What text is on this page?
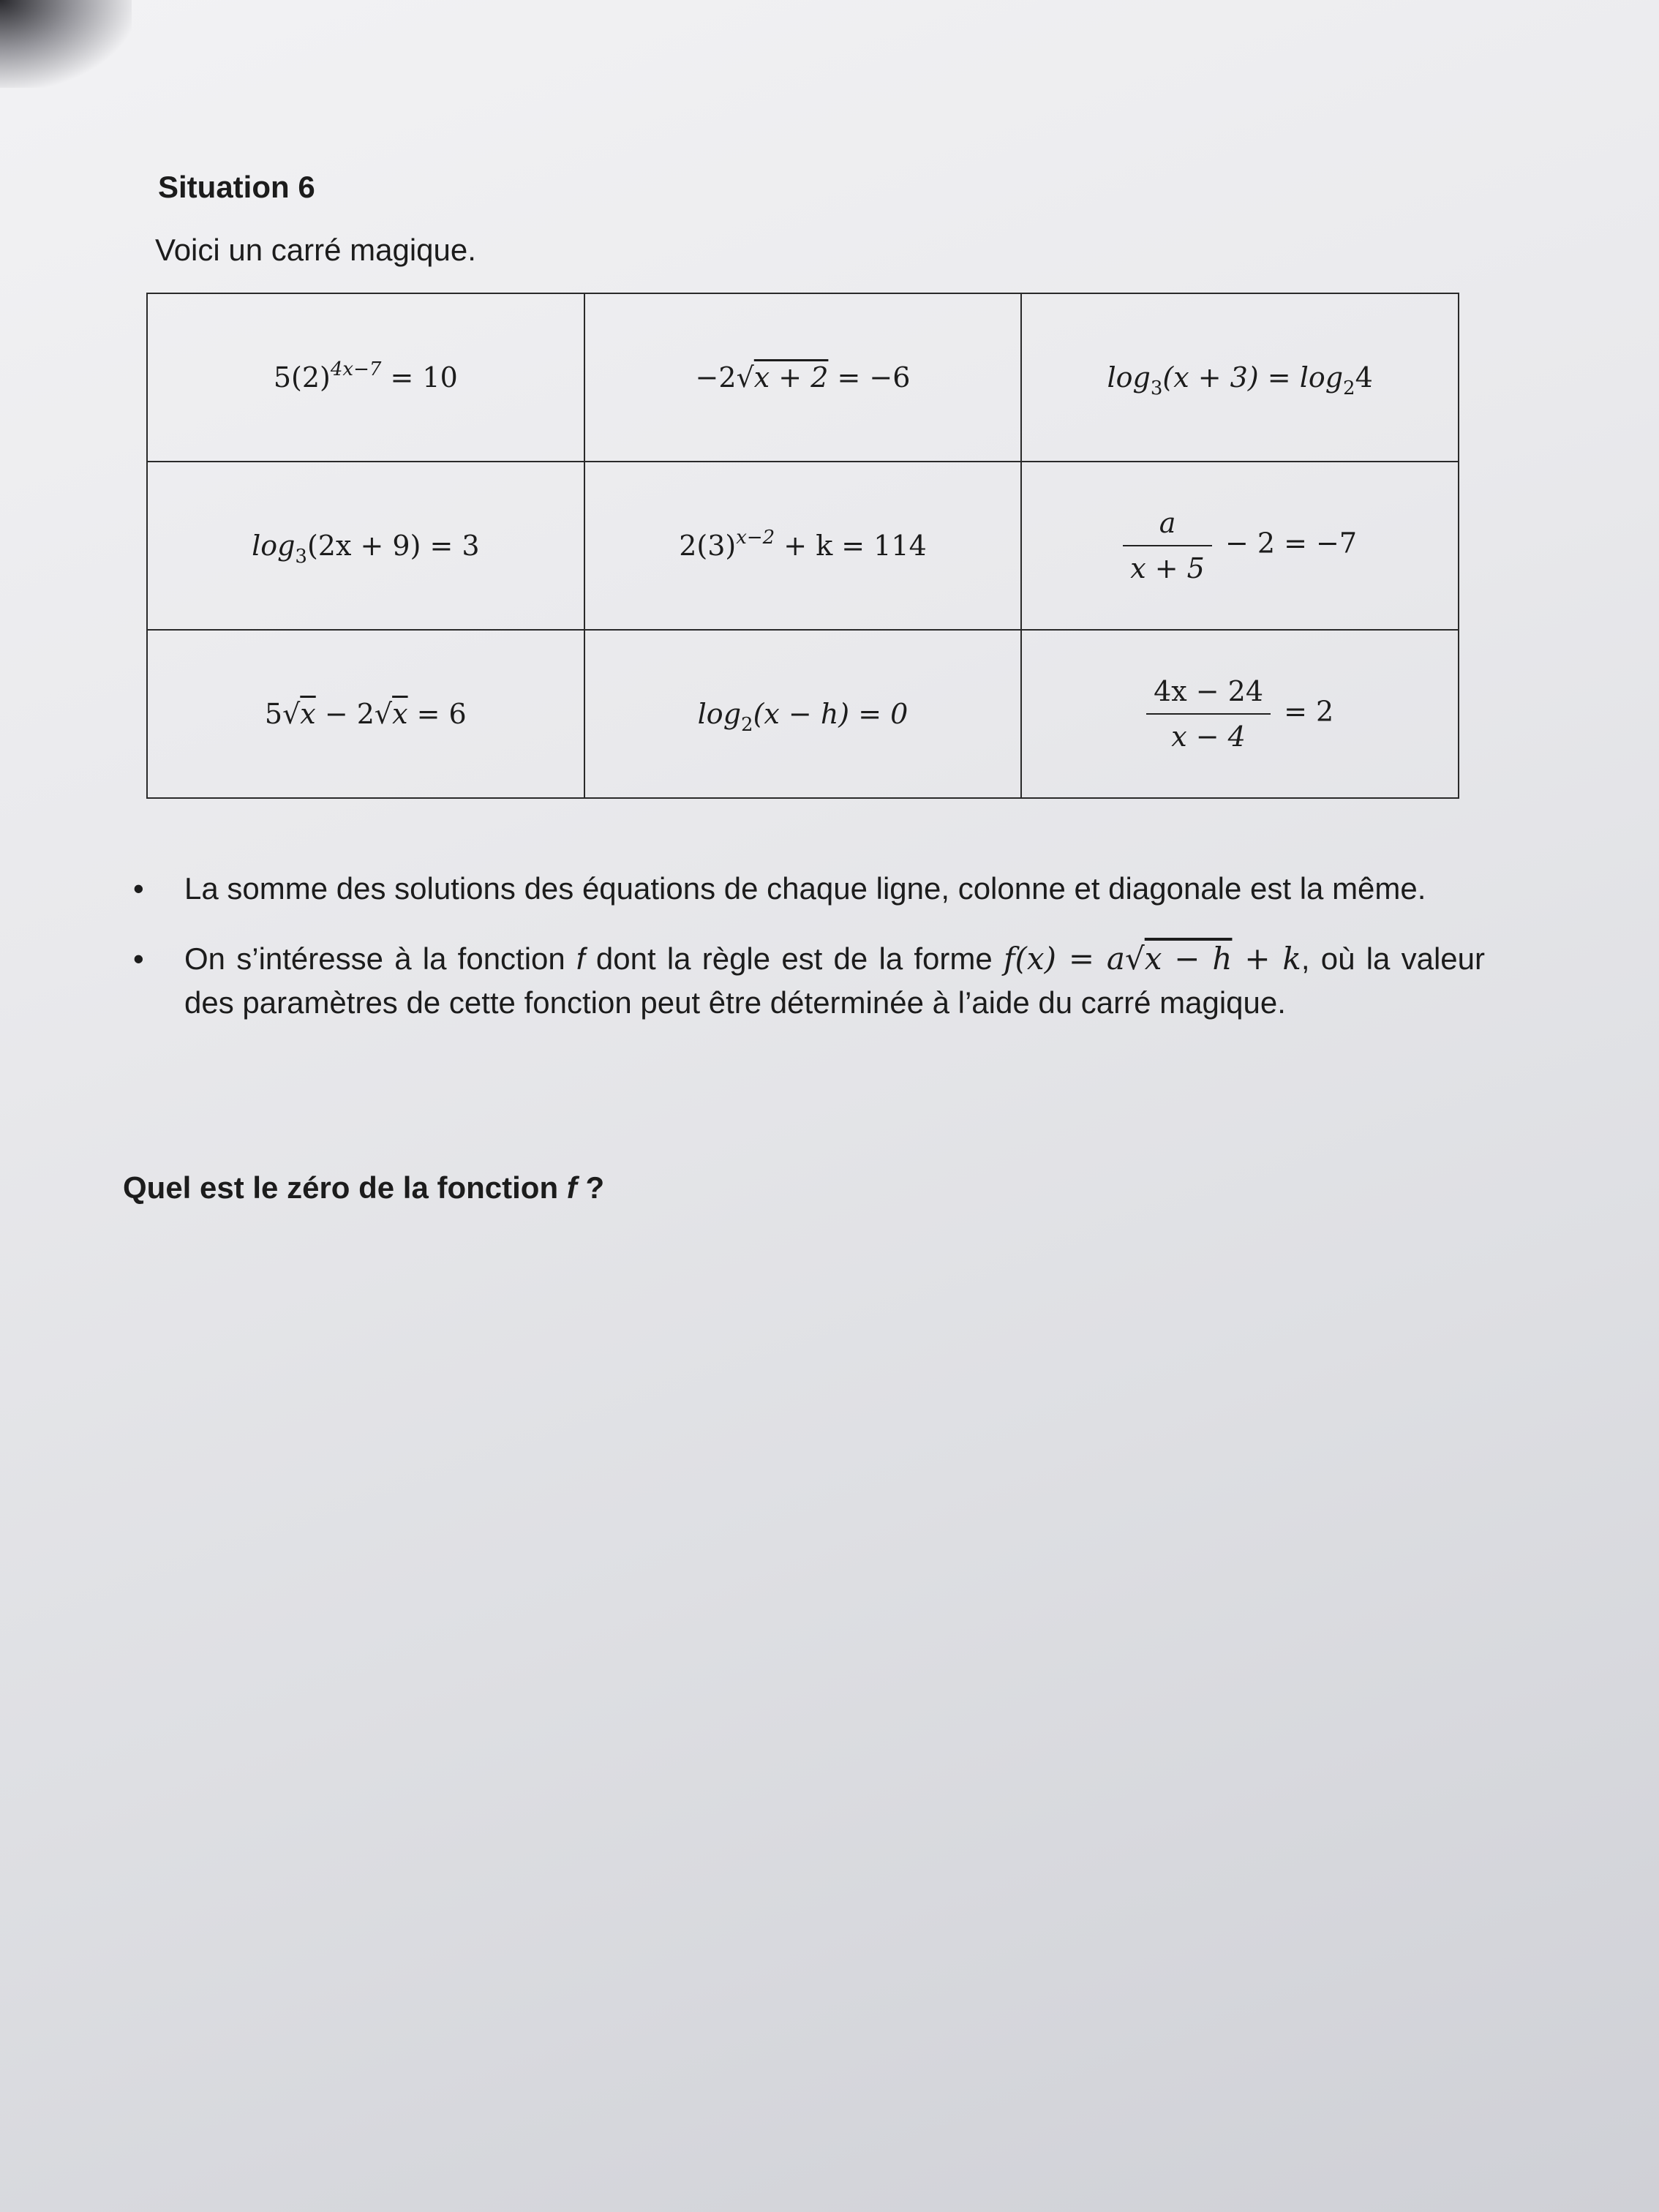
Situation 6
Voici un carré magique.
$5(2)^{4x-7} = 10$	−2√x + 2 = −6	$\log_3(x + 3) = \log_24$
$\log_3(2x + 9) = 3$	$2(3)^{x-2} + k = 114$	$\frac{a}{x + 5} - 2 = -7$
5√x − 2√x = 6	$\log_2(x - h) = 0$	$\frac{4x - 24}{x - 4} = 2$
• La somme des solutions des équations de chaque ligne, colonne et diagonale est la même.
• On s’intéresse à la fonction f dont la règle est de la forme f(x) = a√x − h + k, où la valeur des paramètres de cette fonction peut être déterminée à l’aide du carré magique.
Quel est le zéro de la fonction f ?
